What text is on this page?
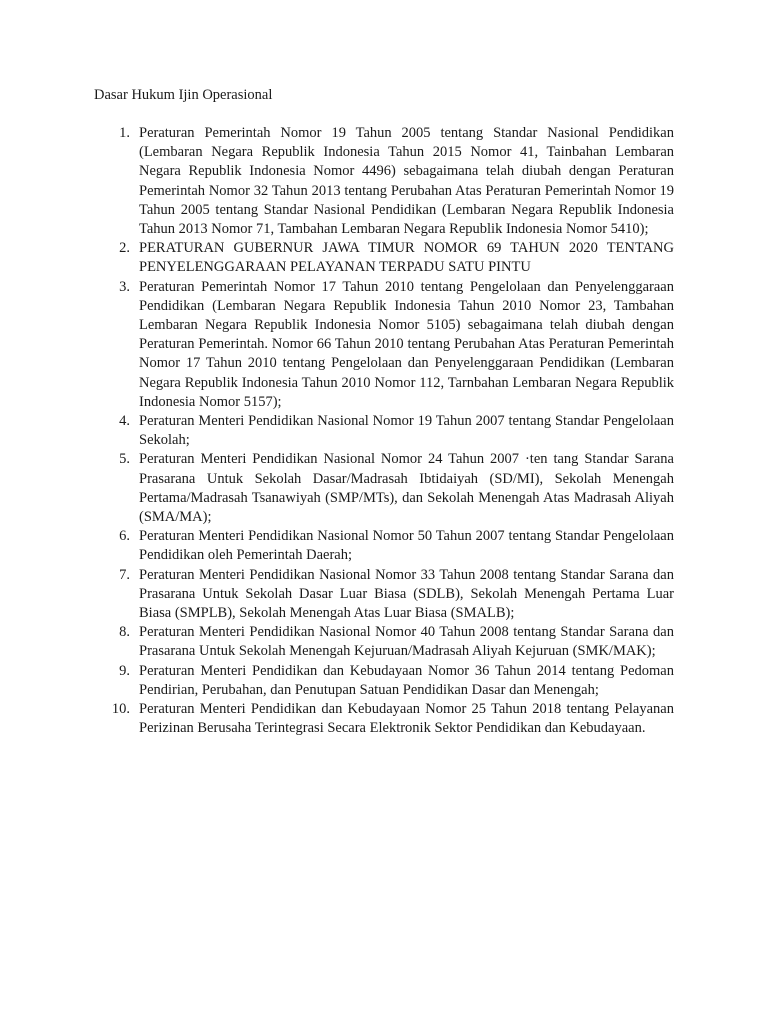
Dasar Hukum Ijin Operasional
1. Peraturan Pemerintah Nomor 19 Tahun 2005 tentang Standar Nasional Pendidikan (Lembaran Negara Republik Indonesia Tahun 2015 Nomor 41, Tainbahan Lembaran Negara Republik Indonesia Nomor 4496) sebagaimana telah diubah dengan Peraturan Pemerintah Nomor 32 Tahun 2013 tentang Perubahan Atas Peraturan Pemerintah Nomor 19 Tahun 2005 tentang Standar Nasional Pendidikan (Lembaran Negara Republik Indonesia Tahun 2013 Nomor 71, Tambahan Lembaran Negara Republik Indonesia Nomor 5410);
2. PERATURAN GUBERNUR JAWA TIMUR NOMOR 69 TAHUN 2020 TENTANG PENYELENGGARAAN PELAYANAN TERPADU SATU PINTU
3. Peraturan Pemerintah Nomor 17 Tahun 2010 tentang Pengelolaan dan Penyelenggaraan Pendidikan (Lembaran Negara Republik Indonesia Tahun 2010 Nomor 23, Tambahan Lembaran Negara Republik Indonesia Nomor 5105) sebagaimana telah diubah dengan Peraturan Pemerintah. Nomor 66 Tahun 2010 tentang Perubahan Atas Peraturan Pemerintah Nomor 17 Tahun 2010 tentang Pengelolaan dan Penyelenggaraan Pendidikan (Lembaran Negara Republik Indonesia Tahun 2010 Nomor 112, Tarnbahan Lembaran Negara Republik Indonesia Nomor 5157);
4. Peraturan Menteri Pendidikan Nasional Nomor 19 Tahun 2007 tentang Standar Pengelolaan Sekolah;
5. Peraturan Menteri Pendidikan Nasional Nomor 24 Tahun 2007 ·ten tang Standar Sarana Prasarana Untuk Sekolah Dasar/Madrasah Ibtidaiyah (SD/MI), Sekolah Menengah Pertama/Madrasah Tsanawiyah (SMP/MTs), dan Sekolah Menengah Atas Madrasah Aliyah (SMA/MA);
6. Peraturan Menteri Pendidikan Nasional Nomor 50 Tahun 2007 tentang Standar Pengelolaan Pendidikan oleh Pemerintah Daerah;
7. Peraturan Menteri Pendidikan Nasional Nomor 33 Tahun 2008 tentang Standar Sarana dan Prasarana Untuk Sekolah Dasar Luar Biasa (SDLB), Sekolah Menengah Pertama Luar Biasa (SMPLB), Sekolah Menengah Atas Luar Biasa (SMALB);
8. Peraturan Menteri Pendidikan Nasional Nomor 40 Tahun 2008 tentang Standar Sarana dan Prasarana Untuk Sekolah Menengah Kejuruan/Madrasah Aliyah Kejuruan (SMK/MAK);
9. Peraturan Menteri Pendidikan dan Kebudayaan Nomor 36 Tahun 2014 tentang Pedoman Pendirian, Perubahan, dan Penutupan Satuan Pendidikan Dasar dan Menengah;
10. Peraturan Menteri Pendidikan dan Kebudayaan Nomor 25 Tahun 2018 tentang Pelayanan Perizinan Berusaha Terintegrasi Secara Elektronik Sektor Pendidikan dan Kebudayaan.
